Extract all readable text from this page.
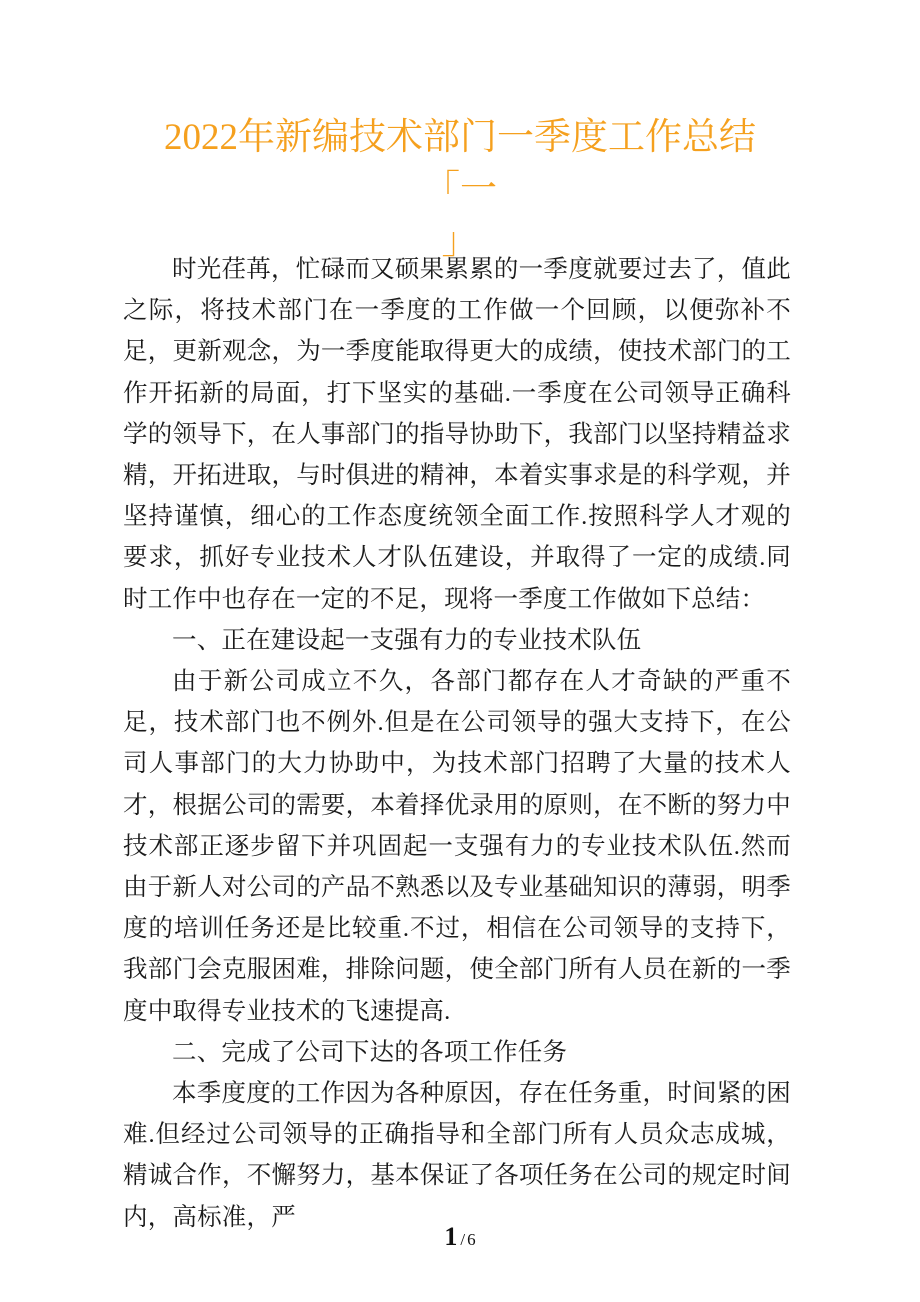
2022年新编技术部门一季度工作总结「一
」

时光荏苒，忙碌而又硕果累累的一季度就要过去了，值此之际，将技术部门在一季度的工作做一个回顾，以便弥补不足，更新观念，为一季度能取得更大的成绩，使技术部门的工作开拓新的局面，打下坚实的基础.一季度在公司领导正确科学的领导下，在人事部门的指导协助下，我部门以坚持精益求精，开拓进取，与时俱进的精神，本着实事求是的科学观，并坚持谨慎，细心的工作态度统领全面工作.按照科学人才观的要求，抓好专业技术人才队伍建设，并取得了一定的成绩.同时工作中也存在一定的不足，现将一季度工作做如下总结：

一、正在建设起一支强有力的专业技术队伍

由于新公司成立不久，各部门都存在人才奇缺的严重不足，技术部门也不例外.但是在公司领导的强大支持下，在公司人事部门的大力协助中，为技术部门招聘了大量的技术人才，根据公司的需要，本着择优录用的原则，在不断的努力中技术部正逐步留下并巩固起一支强有力的专业技术队伍.然而由于新人对公司的产品不熟悉以及专业基础知识的薄弱，明季度的培训任务还是比较重.不过，相信在公司领导的支持下，我部门会克服困难，排除问题，使全部门所有人员在新的一季度中取得专业技术的飞速提高.

二、完成了公司下达的各项工作任务

本季度度的工作因为各种原因，存在任务重，时间紧的困难.但经过公司领导的正确指导和全部门所有人员众志成城，精诚合作，不懈努力，基本保证了各项任务在公司的规定时间内，高标准，严

1 / 6
